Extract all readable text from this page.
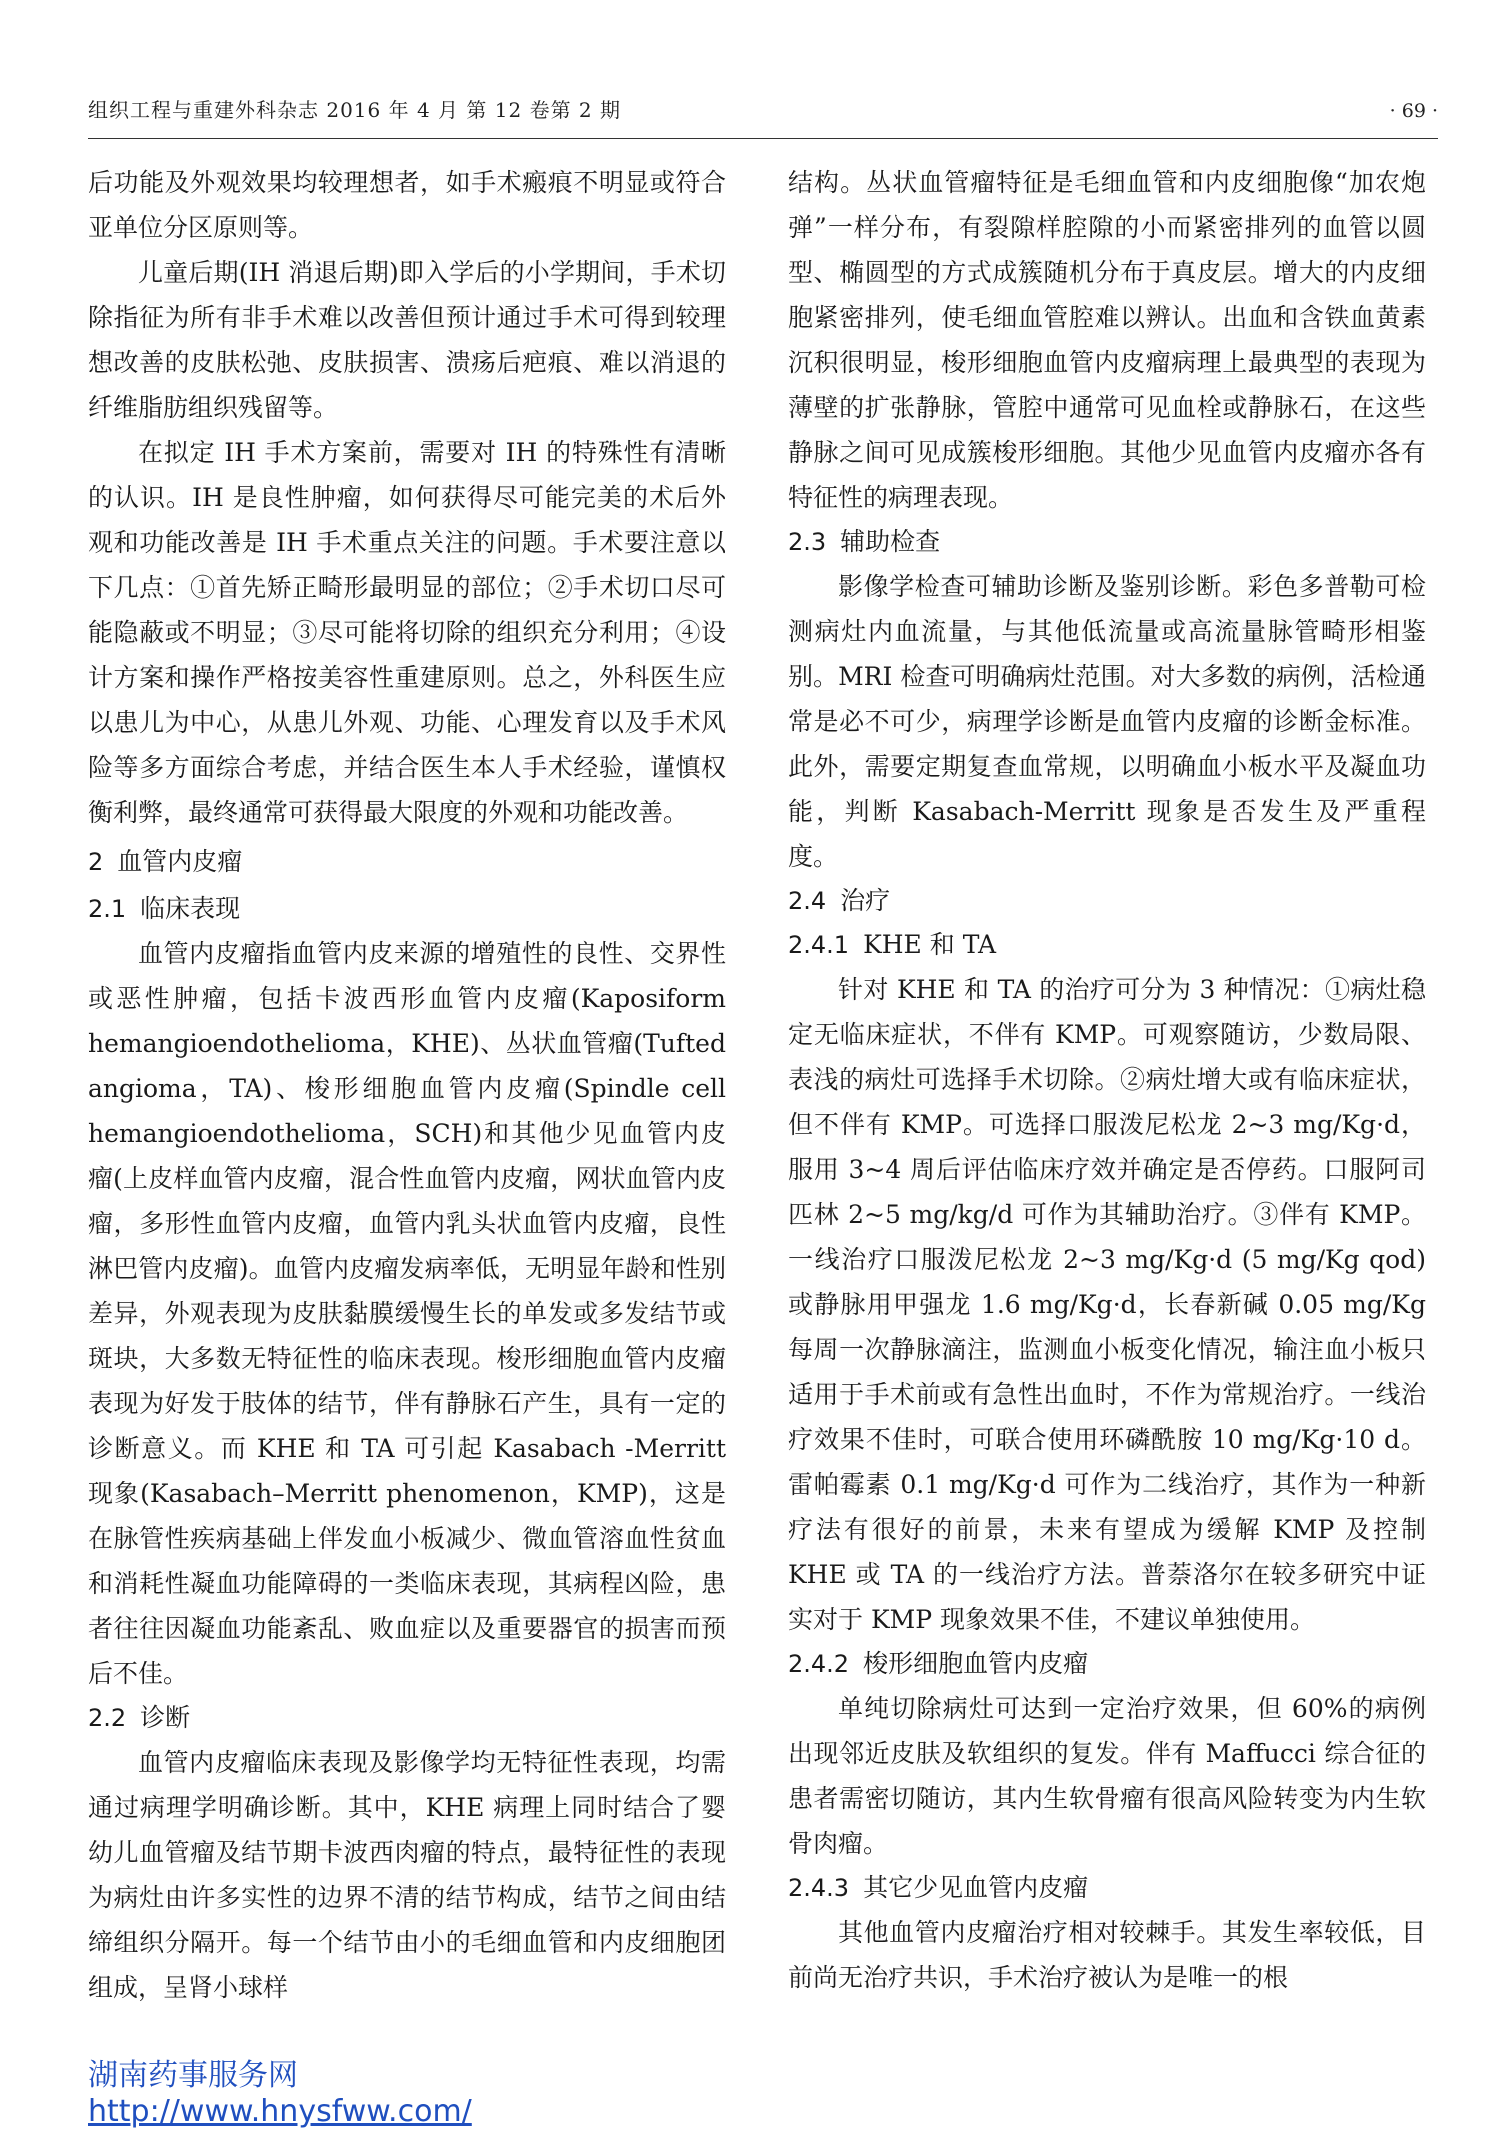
组织工程与重建外科杂志 2016 年 4 月 第 12 卷第 2 期	· 69 ·

后功能及外观效果均较理想者，如手术瘢痕不明显或符合亚单位分区原则等。

儿童后期(IH 消退后期)即入学后的小学期间，手术切除指征为所有非手术难以改善但预计通过手术可得到较理想改善的皮肤松弛、皮肤损害、溃疡后疤痕、难以消退的纤维脂肪组织残留等。

在拟定 IH 手术方案前，需要对 IH 的特殊性有清晰的认识。IH 是良性肿瘤，如何获得尽可能完美的术后外观和功能改善是 IH 手术重点关注的问题。手术要注意以下几点：①首先矫正畸形最明显的部位；②手术切口尽可能隐蔽或不明显；③尽可能将切除的组织充分利用；④设计方案和操作严格按美容性重建原则。总之，外科医生应以患儿为中心，从患儿外观、功能、心理发育以及手术风险等多方面综合考虑，并结合医生本人手术经验，谨慎权衡利弊，最终通常可获得最大限度的外观和功能改善。

2 血管内皮瘤
2.1 临床表现

血管内皮瘤指血管内皮来源的增殖性的良性、交界性或恶性肿瘤，包括卡波西形血管内皮瘤(Kaposiform hemangioendothelioma，KHE)、丛状血管瘤(Tufted angioma，TA)、梭形细胞血管内皮瘤(Spindle cell hemangioendothelioma，SCH)和其他少见血管内皮瘤(上皮样血管内皮瘤，混合性血管内皮瘤，网状血管内皮瘤，多形性血管内皮瘤，血管内乳头状血管内皮瘤，良性淋巴管内皮瘤)。血管内皮瘤发病率低，无明显年龄和性别差异，外观表现为皮肤黏膜缓慢生长的单发或多发结节或斑块，大多数无特征性的临床表现。梭形细胞血管内皮瘤表现为好发于肢体的结节，伴有静脉石产生，具有一定的诊断意义。而 KHE 和 TA 可引起 Kasabach -Merritt 现象(Kasabach–Merritt phenomenon，KMP)，这是在脉管性疾病基础上伴发血小板减少、微血管溶血性贫血和消耗性凝血功能障碍的一类临床表现，其病程凶险，患者往往因凝血功能紊乱、败血症以及重要器官的损害而预后不佳。

2.2 诊断

血管内皮瘤临床表现及影像学均无特征性表现，均需通过病理学明确诊断。其中，KHE 病理上同时结合了婴幼儿血管瘤及结节期卡波西肉瘤的特点，最特征性的表现为病灶由许多实性的边界不清的结节构成，结节之间由结缔组织分隔开。每一个结节由小的毛细血管和内皮细胞团组成，呈肾小球样

结构。丛状血管瘤特征是毛细血管和内皮细胞像“加农炮弹”一样分布，有裂隙样腔隙的小而紧密排列的血管以圆型、椭圆型的方式成簇随机分布于真皮层。增大的内皮细胞紧密排列，使毛细血管腔难以辨认。出血和含铁血黄素沉积很明显，梭形细胞血管内皮瘤病理上最典型的表现为薄壁的扩张静脉，管腔中通常可见血栓或静脉石，在这些静脉之间可见成簇梭形细胞。其他少见血管内皮瘤亦各有特征性的病理表现。

2.3 辅助检查

影像学检查可辅助诊断及鉴别诊断。彩色多普勒可检测病灶内血流量，与其他低流量或高流量脉管畸形相鉴别。MRI 检查可明确病灶范围。对大多数的病例，活检通常是必不可少，病理学诊断是血管内皮瘤的诊断金标准。此外，需要定期复查血常规，以明确血小板水平及凝血功能，判断 Kasabach-Merritt 现象是否发生及严重程度。

2.4 治疗
2.4.1 KHE 和 TA

针对 KHE 和 TA 的治疗可分为 3 种情况：①病灶稳定无临床症状，不伴有 KMP。可观察随访，少数局限、表浅的病灶可选择手术切除。②病灶增大或有临床症状，但不伴有 KMP。可选择口服泼尼松龙 2~3 mg/Kg·d，服用 3~4 周后评估临床疗效并确定是否停药。口服阿司匹林 2~5 mg/kg/d 可作为其辅助治疗。③伴有 KMP。一线治疗口服泼尼松龙 2~3 mg/Kg·d (5 mg/Kg qod)或静脉用甲强龙 1.6 mg/Kg·d，长春新碱 0.05 mg/Kg 每周一次静脉滴注，监测血小板变化情况，输注血小板只适用于手术前或有急性出血时，不作为常规治疗。一线治疗效果不佳时，可联合使用环磷酰胺 10 mg/Kg·10 d。雷帕霉素 0.1 mg/Kg·d 可作为二线治疗，其作为一种新疗法有很好的前景，未来有望成为缓解 KMP 及控制 KHE 或 TA 的一线治疗方法。普萘洛尔在较多研究中证实对于 KMP 现象效果不佳，不建议单独使用。

2.4.2 梭形细胞血管内皮瘤

单纯切除病灶可达到一定治疗效果，但 60%的病例出现邻近皮肤及软组织的复发。伴有 Maffucci 综合征的患者需密切随访，其内生软骨瘤有很高风险转变为内生软骨肉瘤。

2.4.3 其它少见血管内皮瘤

其他血管内皮瘤治疗相对较棘手。其发生率较低，目前尚无治疗共识，手术治疗被认为是唯一的根

湖南药事服务网
http://www.hnysfww.com/
